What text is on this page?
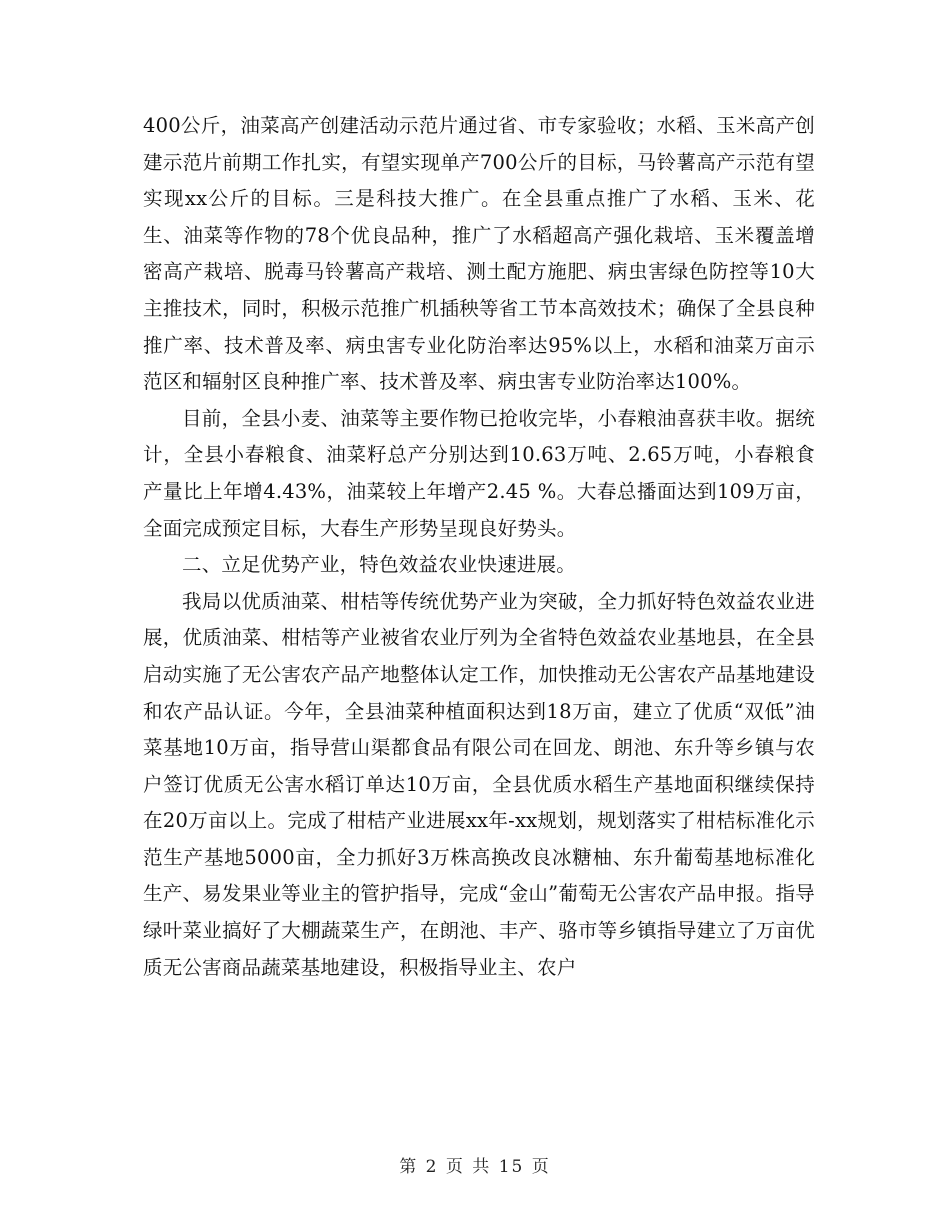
400公斤，油菜高产创建活动示范片通过省、市专家验收；水稻、玉米高产创建示范片前期工作扎实，有望实现单产700公斤的目标，马铃薯高产示范有望实现xx公斤的目标。三是科技大推广。在全县重点推广了水稻、玉米、花生、油菜等作物的78个优良品种，推广了水稻超高产强化栽培、玉米覆盖增密高产栽培、脱毒马铃薯高产栽培、测土配方施肥、病虫害绿色防控等10大主推技术，同时，积极示范推广机插秧等省工节本高效技术；确保了全县良种推广率、技术普及率、病虫害专业化防治率达95%以上，水稻和油菜万亩示范区和辐射区良种推广率、技术普及率、病虫害专业防治率达100%。

目前，全县小麦、油菜等主要作物已抢收完毕，小春粮油喜获丰收。据统计，全县小春粮食、油菜籽总产分别达到10.63万吨、2.65万吨，小春粮食产量比上年增4.43%，油菜较上年增产2.45 %。大春总播面达到109万亩，全面完成预定目标，大春生产形势呈现良好势头。

二、立足优势产业，特色效益农业快速进展。

我局以优质油菜、柑桔等传统优势产业为突破，全力抓好特色效益农业进展，优质油菜、柑桔等产业被省农业厅列为全省特色效益农业基地县，在全县启动实施了无公害农产品产地整体认定工作，加快推动无公害农产品基地建设和农产品认证。今年，全县油菜种植面积达到18万亩，建立了优质“双低”油菜基地10万亩，指导营山渠都食品有限公司在回龙、朗池、东升等乡镇与农户签订优质无公害水稻订单达10万亩，全县优质水稻生产基地面积继续保持在20万亩以上。完成了柑桔产业进展xx年-xx规划，规划落实了柑桔标准化示范生产基地5000亩，全力抓好3万株高换改良冰糖柚、东升葡萄基地标准化生产、易发果业等业主的管护指导，完成“金山”葡萄无公害农产品申报。指导绿叶菜业搞好了大棚蔬菜生产，在朗池、丰产、骆市等乡镇指导建立了万亩优质无公害商品蔬菜基地建设，积极指导业主、农户

第 2 页 共 15 页
